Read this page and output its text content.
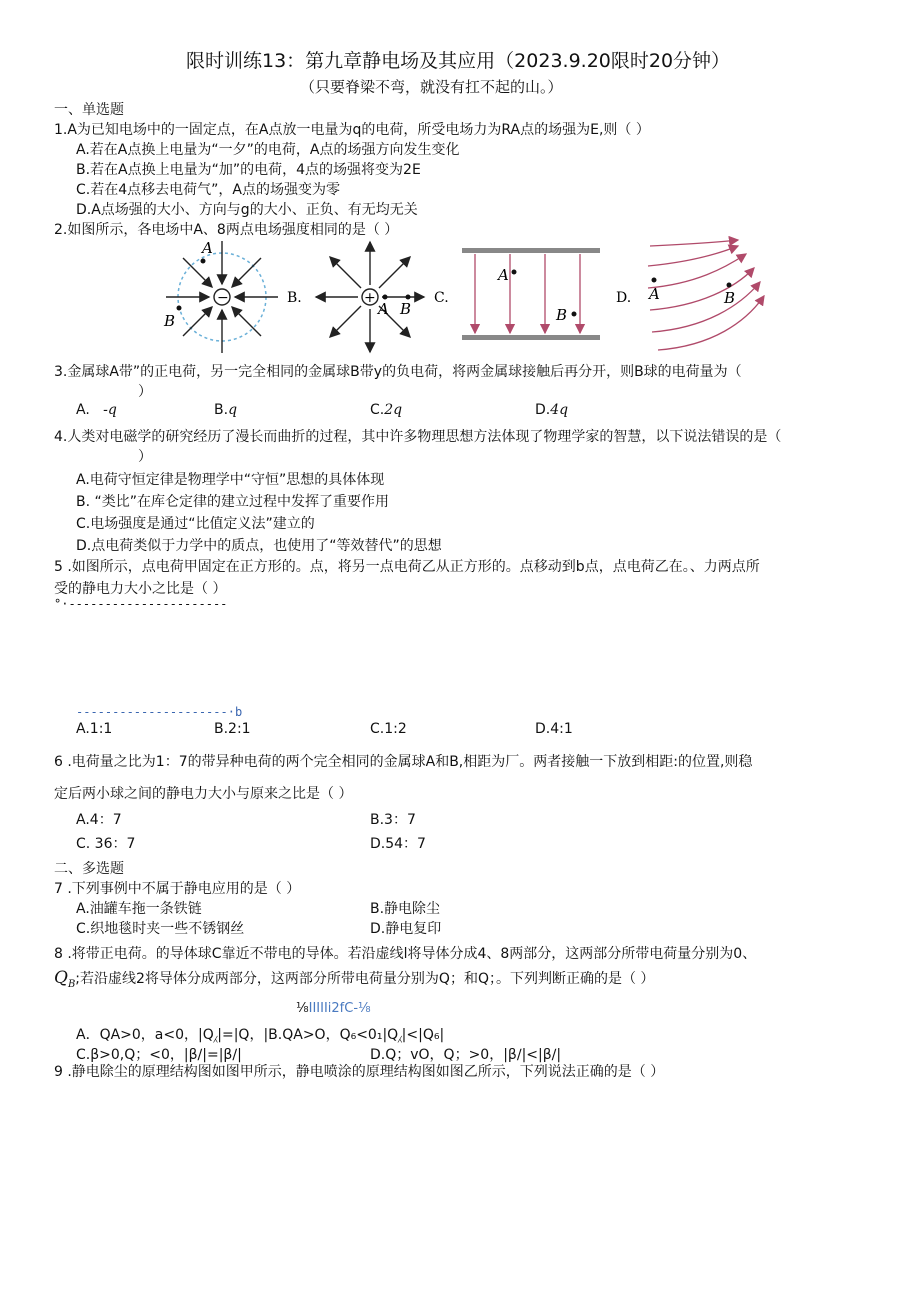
限时训练13：第九章静电场及其应用（2023.9.20限时20分钟）
（只要脊梁不弯，就没有扛不起的山。）
一、单选题
1.A为已知电场中的一固定点，在A点放一电量为q的电荷，所受电场力为RA点的场强为E,则（ ）
A.若在A点换上电量为“一夕”的电荷，A点的场强方向发生变化
B.若在A点换上电量为“加”的电荷，4点的场强将变为2E
C.若在4点移去电荷气”，A点的场强变为零
D.A点场强的大小、方向与g的大小、正负、有无均无关
2.如图所示，各电场中A、8两点电场强度相同的是（ ）
−
A
B
B.	+
A B
C.
A
B
D. A	B
3.金属球A带”的正电荷，另一完全相同的金属球B带y的负电荷，将两金属球接触后再分开，则B球的电荷量为（
）
A. -q	B.q	C.2q	D.4q
4.人类对电磁学的研究经历了漫长而曲折的过程，其中许多物理思想方法体现了物理学家的智慧，以下说法错误的是（
）
A.电荷守恒定律是物理学中“守恒”思想的具体体现
B. “类比”在库仑定律的建立过程中发挥了重要作用
C.电场强度是通过“比值定义法”建立的
D.点电荷类似于力学中的质点，也使用了“等效替代”的思想
5 .如图所示，点电荷甲固定在正方形的。点，将另一点电荷乙从正方形的。点移动到b点，点电荷乙在。、力两点所
受的静电力大小之比是（ ）
°·----------------------
---------------------·b
A.1:1	B.2:1	C.1:2	D.4:1
6 .电荷量之比为1：7的带异种电荷的两个完全相同的金属球A和B,相距为厂。两者接触一下放到相距:的位置,则稳
定后两小球之间的静电力大小与原来之比是（ ）
A.4：7	B.3：7
C. 36：7	D.54：7
二、多选题
7 .下列事例中不属于静电应用的是（ ）
A.油罐车拖一条铁链	B.静电除尘
C.织地毯时夹一些不锈钢丝	D.静电复印
8 .将带正电荷。的导体球C靠近不带电的导体。若沿虚线l将导体分成4、8两部分，这两部分所带电荷量分别为0、
$Q_B$;若沿虚线2将导体分成两部分，这两部分所带电荷量分别为Q；和Q；。下列判断正确的是（ ）
⅛IIIIIi2fC-⅛
A．QA>0，a<0，|Q⁁|=|Q，|B.QA>O，Q₆<0₁|Q⁁|<|Q₆|
C.β>0,Q；<0，|β∕|=|β∕|	D.Q；vO，Q；>0，|β∕|<|β∕|
9 .静电除尘的原理结构图如图甲所示，静电喷涂的原理结构图如图乙所示，下列说法正确的是（ ）
